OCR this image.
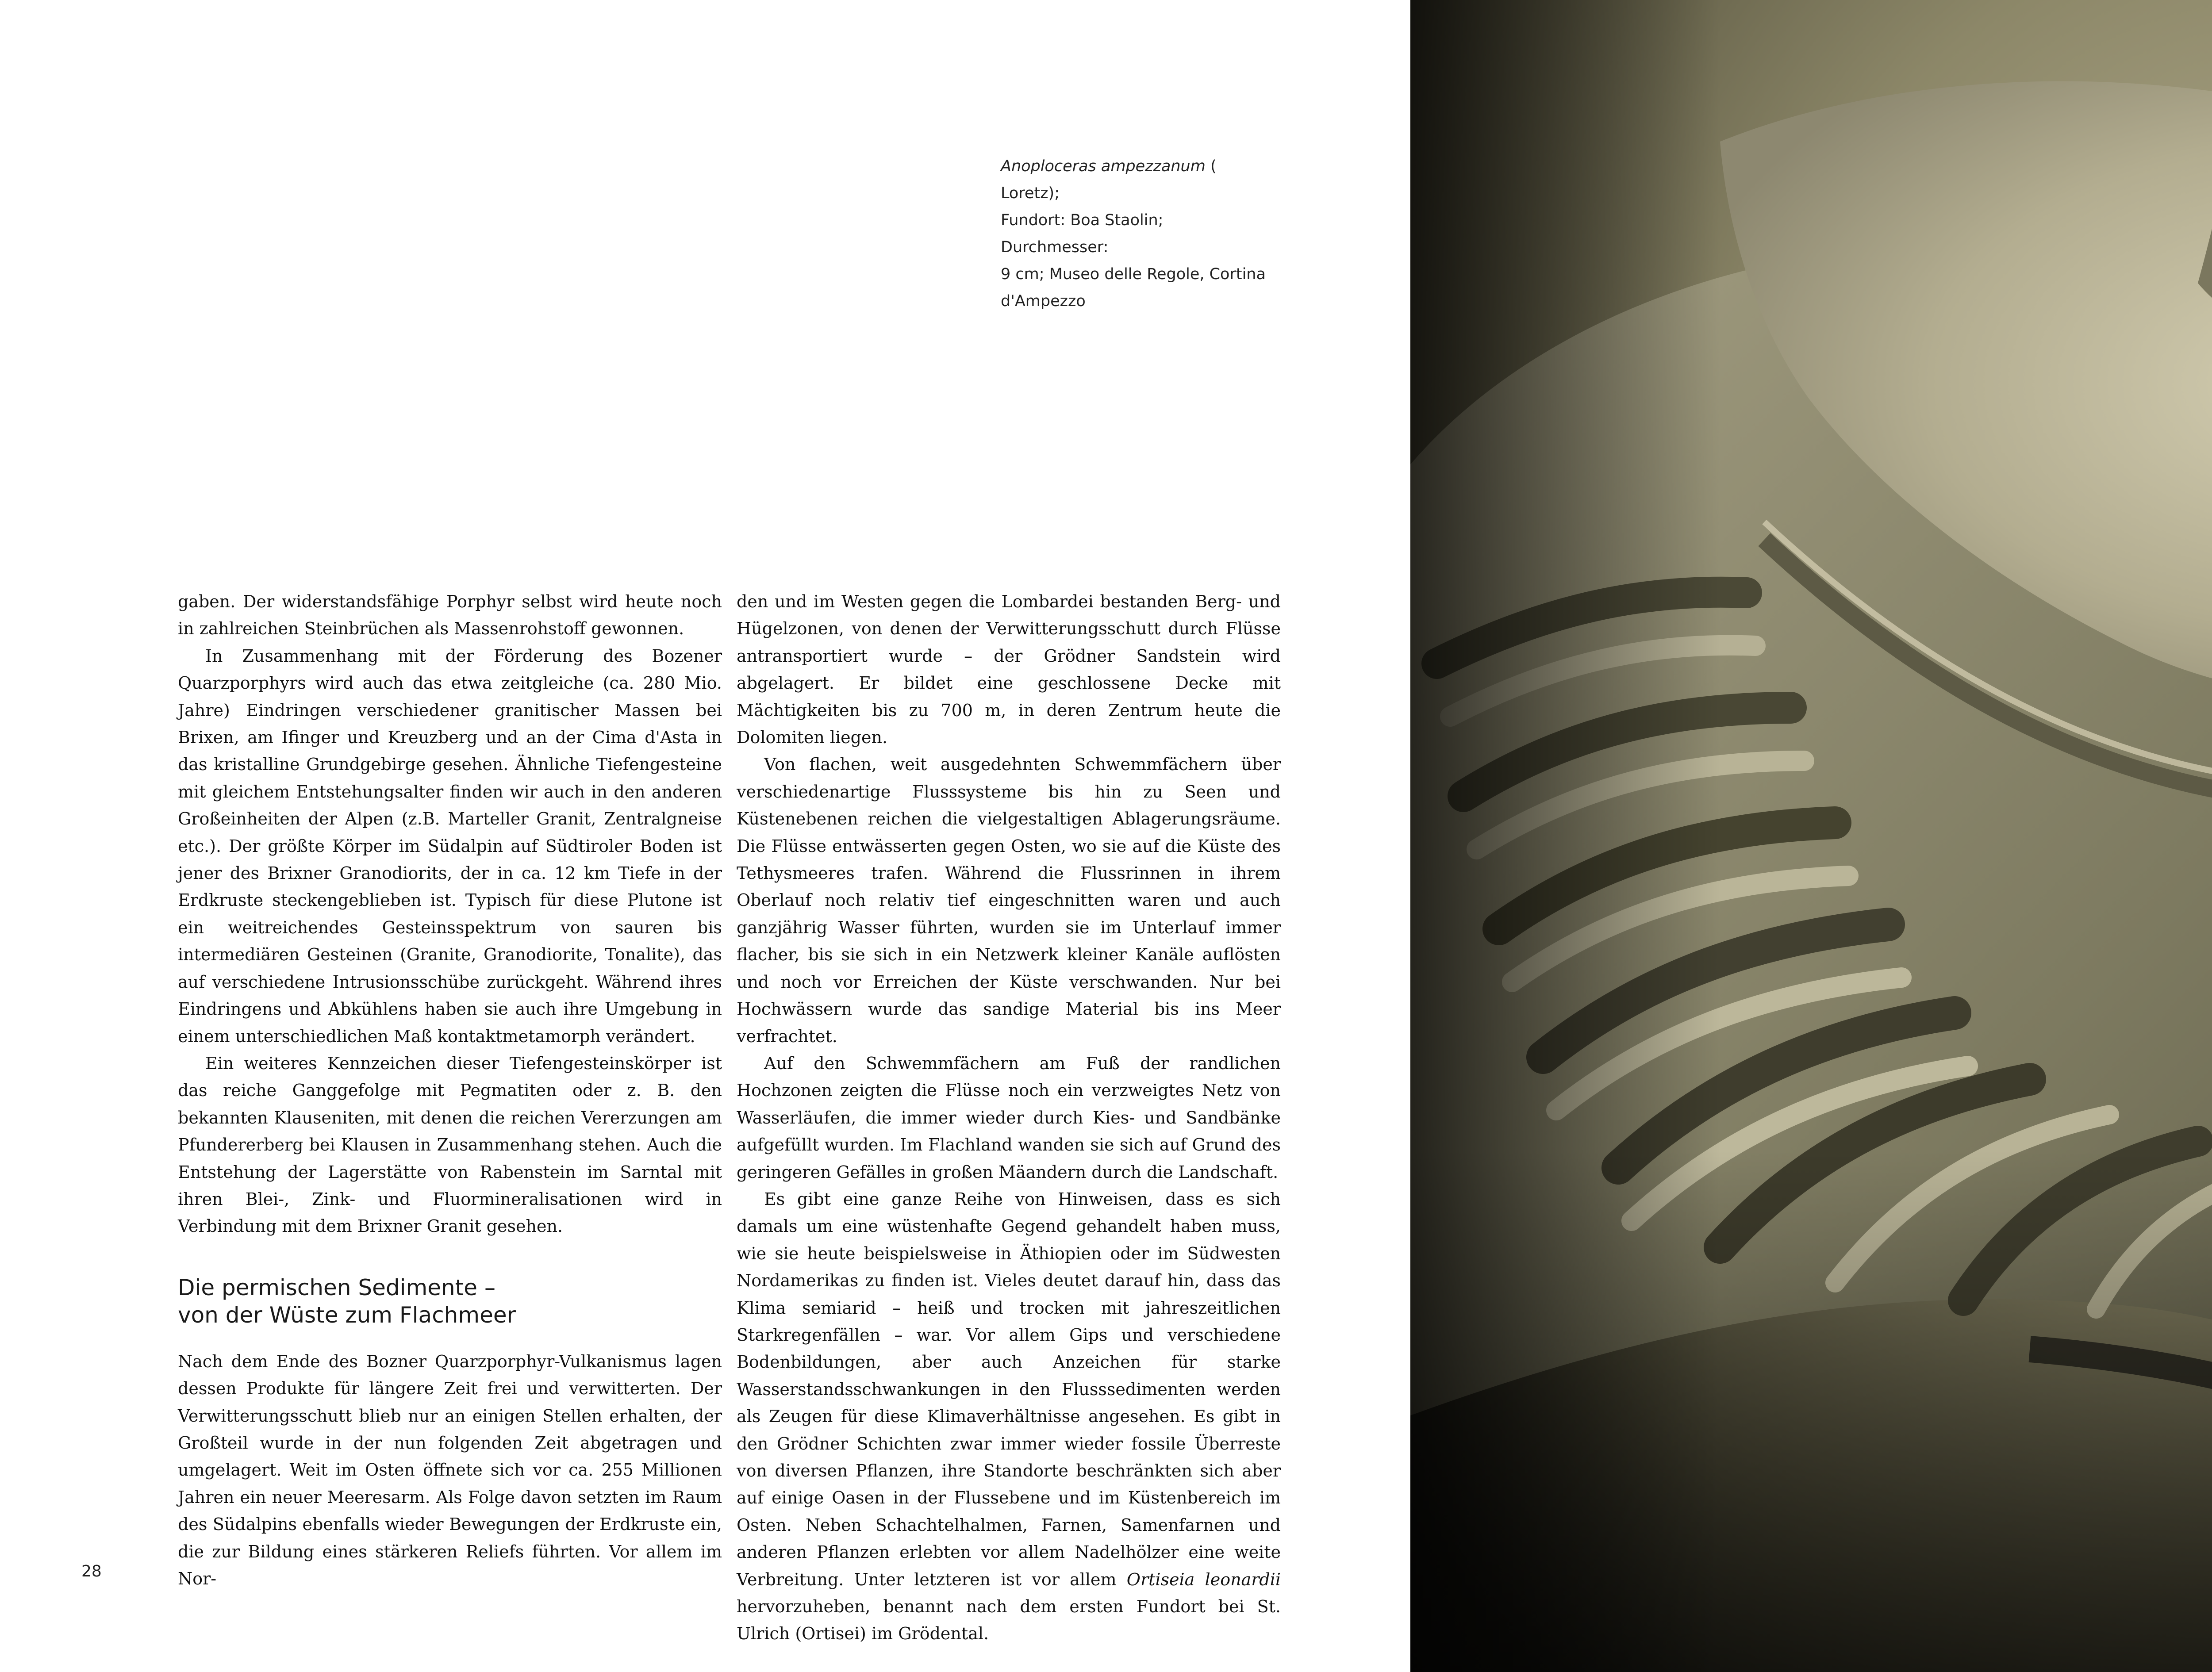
Anoploceras ampezzanum ( Loretz);
Fundort: Boa Staolin; Durchmesser:
9 cm; Museo delle Regole, Cortina
d'Ampezzo

gaben. Der widerstandsfähige Porphyr selbst wird heute noch in zahlreichen Steinbrüchen als Massenrohstoff gewonnen.

In Zusammenhang mit der Förderung des Bozener Quarzporphyrs wird auch das etwa zeitgleiche (ca. 280 Mio. Jahre) Eindringen verschiedener granitischer Massen bei Brixen, am Ifinger und Kreuzberg und an der Cima d'Asta in das kristalline Grundgebirge gesehen. Ähnliche Tiefengesteine mit gleichem Entstehungsalter finden wir auch in den anderen Großeinheiten der Alpen (z.B. Marteller Granit, Zentralgneise etc.). Der größte Körper im Südalpin auf Südtiroler Boden ist jener des Brixner Granodiorits, der in ca. 12 km Tiefe in der Erdkruste steckengeblieben ist. Typisch für diese Plutone ist ein weitreichendes Gesteinsspektrum von sauren bis intermediären Gesteinen (Granite, Granodiorite, Tonalite), das auf verschiedene Intrusionsschübe zurückgeht. Während ihres Eindringens und Abkühlens haben sie auch ihre Umgebung in einem unterschiedlichen Maß kontaktmetamorph verändert.

Ein weiteres Kennzeichen dieser Tiefengesteinskörper ist das reiche Ganggefolge mit Pegmatiten oder z. B. den bekannten Klauseniten, mit denen die reichen Vererzungen am Pfundererberg bei Klausen in Zusammenhang stehen. Auch die Entstehung der Lagerstätte von Rabenstein im Sarntal mit ihren Blei-, Zink- und Fluormineralisationen wird in Verbindung mit dem Brixner Granit gesehen.

Die permischen Sedimente –
von der Wüste zum Flachmeer

Nach dem Ende des Bozner Quarzporphyr-Vulkanismus lagen dessen Produkte für längere Zeit frei und verwitterten. Der Verwitterungsschutt blieb nur an einigen Stellen erhalten, der Großteil wurde in der nun folgenden Zeit abgetragen und umgelagert. Weit im Osten öffnete sich vor ca. 255 Millionen Jahren ein neuer Meeresarm. Als Folge davon setzten im Raum des Südalpins ebenfalls wieder Bewegungen der Erdkruste ein, die zur Bildung eines stärkeren Reliefs führten. Vor allem im Nor-

den und im Westen gegen die Lombardei bestanden Berg- und Hügelzonen, von denen der Verwitterungsschutt durch Flüsse antransportiert wurde – der Grödner Sandstein wird abgelagert. Er bildet eine geschlossene Decke mit Mächtigkeiten bis zu 700 m, in deren Zentrum heute die Dolomiten liegen.

Von flachen, weit ausgedehnten Schwemmfächern über verschiedenartige Flusssysteme bis hin zu Seen und Küstenebenen reichen die vielgestaltigen Ablagerungsräume. Die Flüsse entwässerten gegen Osten, wo sie auf die Küste des Tethysmeeres trafen. Während die Flussrinnen in ihrem Oberlauf noch relativ tief eingeschnitten waren und auch ganzjährig Wasser führten, wurden sie im Unterlauf immer flacher, bis sie sich in ein Netzwerk kleiner Kanäle auflösten und noch vor Erreichen der Küste verschwanden. Nur bei Hochwässern wurde das sandige Material bis ins Meer verfrachtet.

Auf den Schwemmfächern am Fuß der randlichen Hochzonen zeigten die Flüsse noch ein verzweigtes Netz von Wasserläufen, die immer wieder durch Kies- und Sandbänke aufgefüllt wurden. Im Flachland wanden sie sich auf Grund des geringeren Gefälles in großen Mäandern durch die Landschaft.

Es gibt eine ganze Reihe von Hinweisen, dass es sich damals um eine wüstenhafte Gegend gehandelt haben muss, wie sie heute beispielsweise in Äthiopien oder im Südwesten Nordamerikas zu finden ist. Vieles deutet darauf hin, dass das Klima semiarid – heiß und trocken mit jahreszeitlichen Starkregenfällen – war. Vor allem Gips und verschiedene Bodenbildungen, aber auch Anzeichen für starke Wasserstandsschwankungen in den Flusssedimenten werden als Zeugen für diese Klimaverhältnisse angesehen. Es gibt in den Grödner Schichten zwar immer wieder fossile Überreste von diversen Pflanzen, ihre Standorte beschränkten sich aber auf einige Oasen in der Flussebene und im Küstenbereich im Osten. Neben Schachtelhalmen, Farnen, Samenfarnen und anderen Pflanzen erlebten vor allem Nadelhölzer eine weite Verbreitung. Unter letzteren ist vor allem Ortiseia leonardii hervorzuheben, benannt nach dem ersten Fundort bei St. Ulrich (Ortisei) im Grödental.

28
